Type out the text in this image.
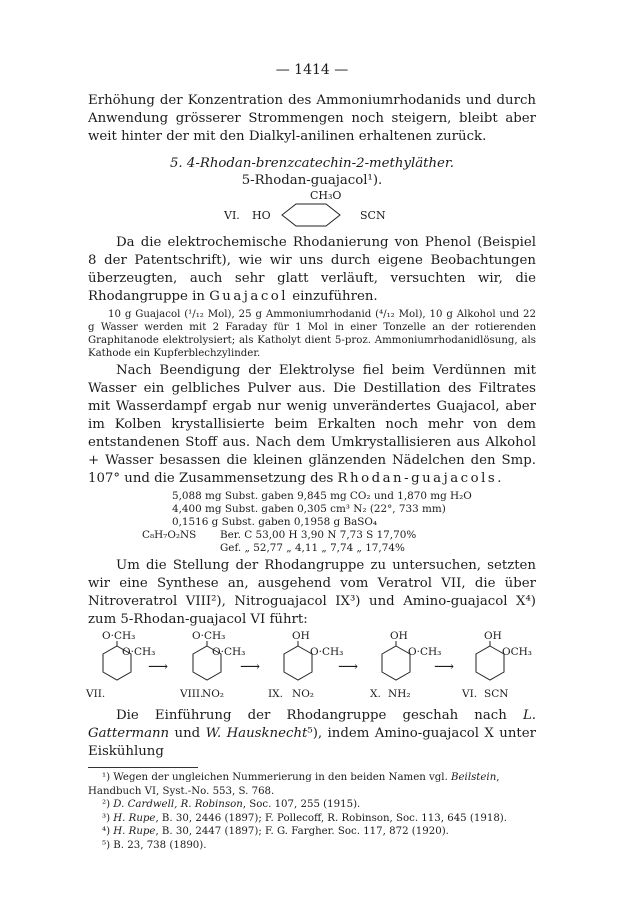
— 1414 —

Erhöhung der Konzentration des Ammoniumrhodanids und durch Anwendung grösserer Strommengen noch steigern, bleibt aber weit hinter der mit den Dialkyl-anilinen erhaltenen zurück.

5. 4-Rhodan-brenzcatechin-2-methyläther.
5-Rhodan-guajacol¹).
CH₃O
VI. HO	SCN

Da die elektrochemische Rhodanierung von Phenol (Beispiel 8 der Patentschrift), wie wir uns durch eigene Beobachtungen überzeugten, auch sehr glatt verläuft, versuchten wir, die Rhodangruppe in Guajacol einzuführen.

10 g Guajacol (¹/₁₂ Mol), 25 g Ammoniumrhodanid (⁴/₁₂ Mol), 10 g Alkohol und 22 g Wasser werden mit 2 Faraday für 1 Mol in einer Tonzelle an der rotierenden Graphitanode elektrolysiert; als Katholyt dient 5-proz. Ammoniumrhodanidlösung, als Kathode ein Kupferblechzylinder.

Nach Beendigung der Elektrolyse fiel beim Verdünnen mit Wasser ein gelbliches Pulver aus. Die Destillation des Filtrates mit Wasserdampf ergab nur wenig unverändertes Guajacol, aber im Kolben krystallisierte beim Erkalten noch mehr von dem entstandenen Stoff aus. Nach dem Umkrystallisieren aus Alkohol + Wasser besassen die kleinen glänzenden Nädelchen den Smp. 107° und die Zusammensetzung des Rhodan-guajacols.

5,088 mg Subst. gaben 9,845 mg CO₂ und 1,870 mg H₂O
4,400 mg Subst. gaben 0,305 cm³ N₂ (22°, 733 mm)
0,1516 g Subst. gaben 0,1958 g BaSO₄
C₈H₇O₂NS	Ber. C 53,00 H 3,90 N 7,73 S 17,70%
Gef. „ 52,77 „ 4,11 „ 7,74 „ 17,74%

Um die Stellung der Rhodangruppe zu untersuchen, setzten wir eine Synthese an, ausgehend vom Veratrol VII, die über Nitroveratrol VIII²), Nitroguajacol IX³) und Amino-guajacol X⁴) zum 5-Rhodan-guajacol VI führt:

O·CH₃
O·CH₃
VII.
⟶
O·CH₃
O·CH₃
VIII.
NO₂
⟶
OH
O·CH₃
IX. NO₂
⟶
OH
O·CH₃
X. NH₂
⟶
OH
OCH₃
VI. SCN

Die Einführung der Rhodangruppe geschah nach L. Gattermann und W. Hausknecht⁵), indem Amino-guajacol X unter Eiskühlung

¹) Wegen der ungleichen Nummerierung in den beiden Namen vgl. Beilstein, Handbuch VI, Syst.-No. 553, S. 768.

²) D. Cardwell, R. Robinson, Soc. 107, 255 (1915).

³) H. Rupe, B. 30, 2446 (1897); F. Pollecoff, R. Robinson, Soc. 113, 645 (1918).

⁴) H. Rupe, B. 30, 2447 (1897); F. G. Fargher. Soc. 117, 872 (1920).

⁵) B. 23, 738 (1890).
